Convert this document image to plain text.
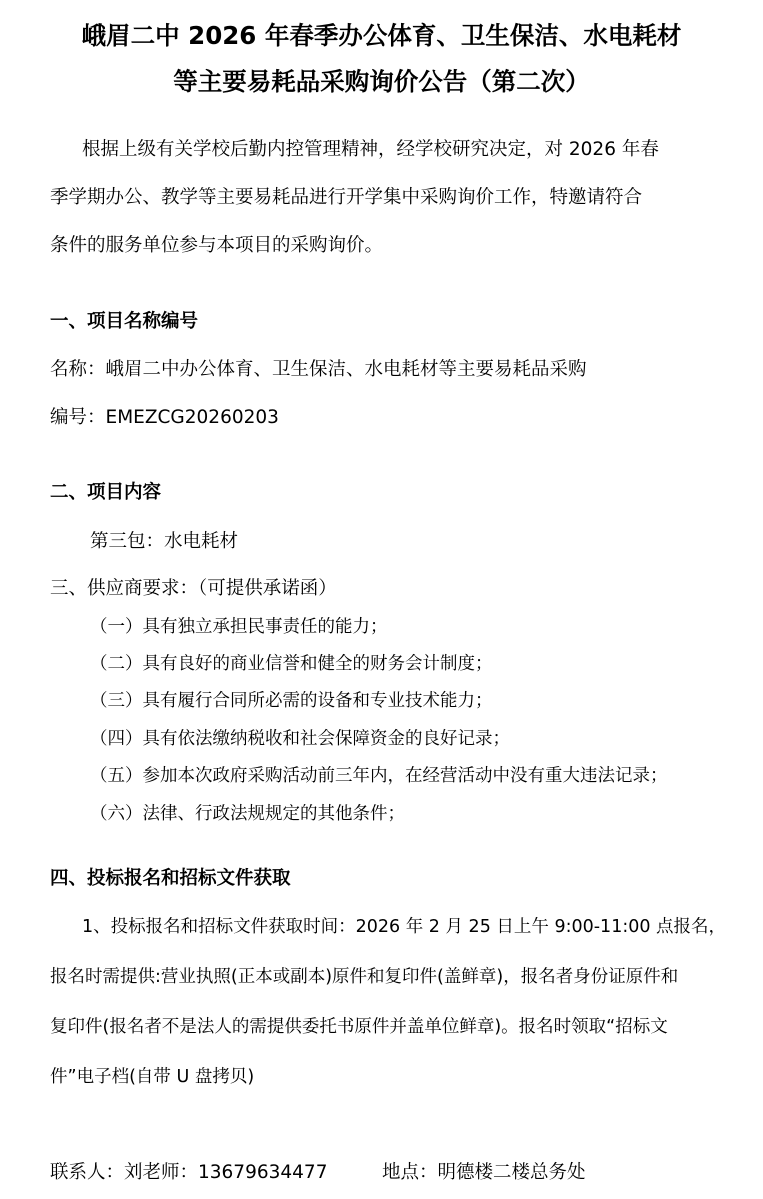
峨眉二中 2026 年春季办公体育、卫生保洁、水电耗材
等主要易耗品采购询价公告（第二次）
根据上级有关学校后勤内控管理精神，经学校研究决定，对 2026 年春
季学期办公、教学等主要易耗品进行开学集中采购询价工作，特邀请符合
条件的服务单位参与本项目的采购询价。
一、项目名称编号
名称：峨眉二中办公体育、卫生保洁、水电耗材等主要易耗品采购
编号：EMEZCG20260203
二、项目内容
第三包：水电耗材
三、供应商要求：（可提供承诺函）
（一）具有独立承担民事责任的能力；
（二）具有良好的商业信誉和健全的财务会计制度；
（三）具有履行合同所必需的设备和专业技术能力；
（四）具有依法缴纳税收和社会保障资金的良好记录；
（五）参加本次政府采购活动前三年内，在经营活动中没有重大违法记录；
（六）法律、行政法规规定的其他条件；
四、投标报名和招标文件获取
1、投标报名和招标文件获取时间：2026 年 2 月 25 日上午 9:00-11:00 点报名，
报名时需提供:营业执照(正本或副本)原件和复印件(盖鲜章)，报名者身份证原件和
复印件(报名者不是法人的需提供委托书原件并盖单位鲜章)。报名时领取“招标文
件”电子档(自带 U 盘拷贝)
联系人：刘老师：13679634477	地点：明德楼二楼总务处
